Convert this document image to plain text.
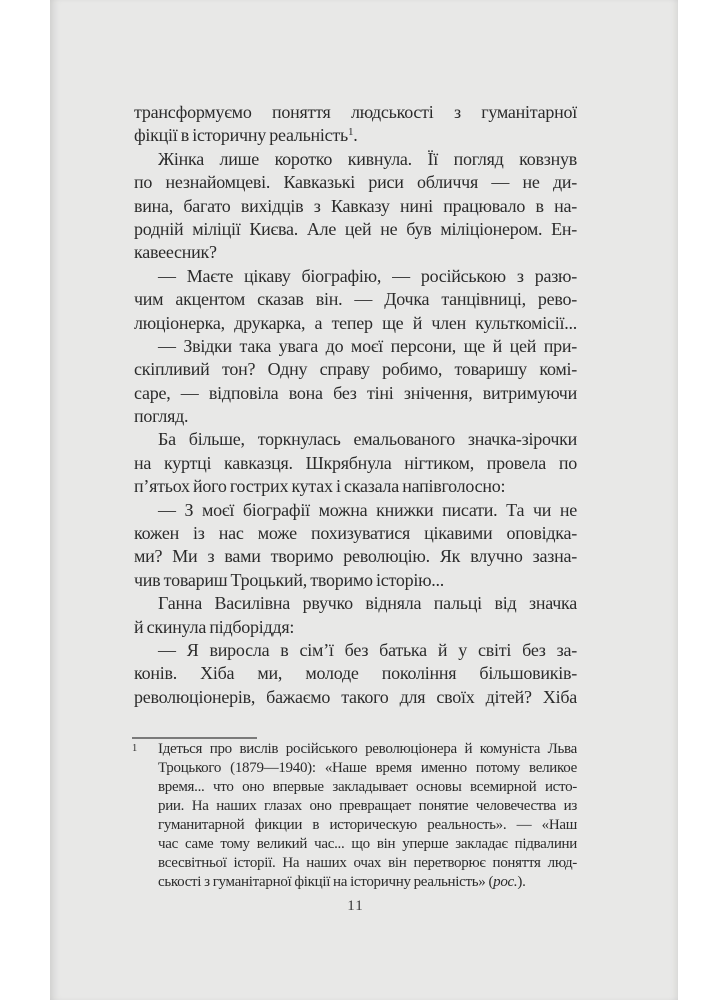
трансформуємо поняття людськості з гуманітарної
фікції в історичну реальність$^1$.
Жінка лише коротко кивнула. Її погляд ковзнув
по незнайомцеві. Кавказькі риси обличчя — не ди-
вина, багато вихідців з Кавказу нині працювало в на-
родній міліції Києва. Але цей не був міліціонером. Ен-
кавеесник?
— Маєте цікаву біографію, — російською з разю-
чим акцентом сказав він. — Дочка танцівниці, рево-
люціонерка, друкарка, а тепер ще й член культкомісії...
— Звідки така увага до моєї персони, ще й цей при-
скіпливий тон? Одну справу робимо, товаришу комі-
саре, — відповіла вона без тіні знічення, витримуючи
погляд.
Ба більше, торкнулась емальованого значка-зірочки
на куртці кавказця. Шкрябнула нігтиком, провела по
п’ятьох його гострих кутах і сказала напівголосно:
— З моєї біографії можна книжки писати. Та чи не
кожен із нас може похизуватися цікавими оповідка-
ми? Ми з вами творимо революцію. Як влучно зазна-
чив товариш Троцький, творимо історію...
Ганна Василівна рвучко відняла пальці від значка
й скинула підборіддя:
— Я виросла в сім’ї без батька й у світі без за-
конів. Хіба ми, молоде покоління більшовиків-
революціонерів, бажаємо такого для своїх дітей? Хіба
1 Ідеться про вислів російського революціонера й комуніста Льва
Троцького (1879—1940): «Наше время именно потому великое
время... что оно впервые закладывает основы всемирной исто-
рии. На наших глазах оно превращает понятие человечества из
гуманитарной фикции в историческую реальность». — «Наш
час саме тому великий час... що він уперше закладає підвалини
всесвітньої історії. На наших очах він перетворює поняття люд-
ськості з гуманітарної фікції на історичну реальність» (рос.).
11
